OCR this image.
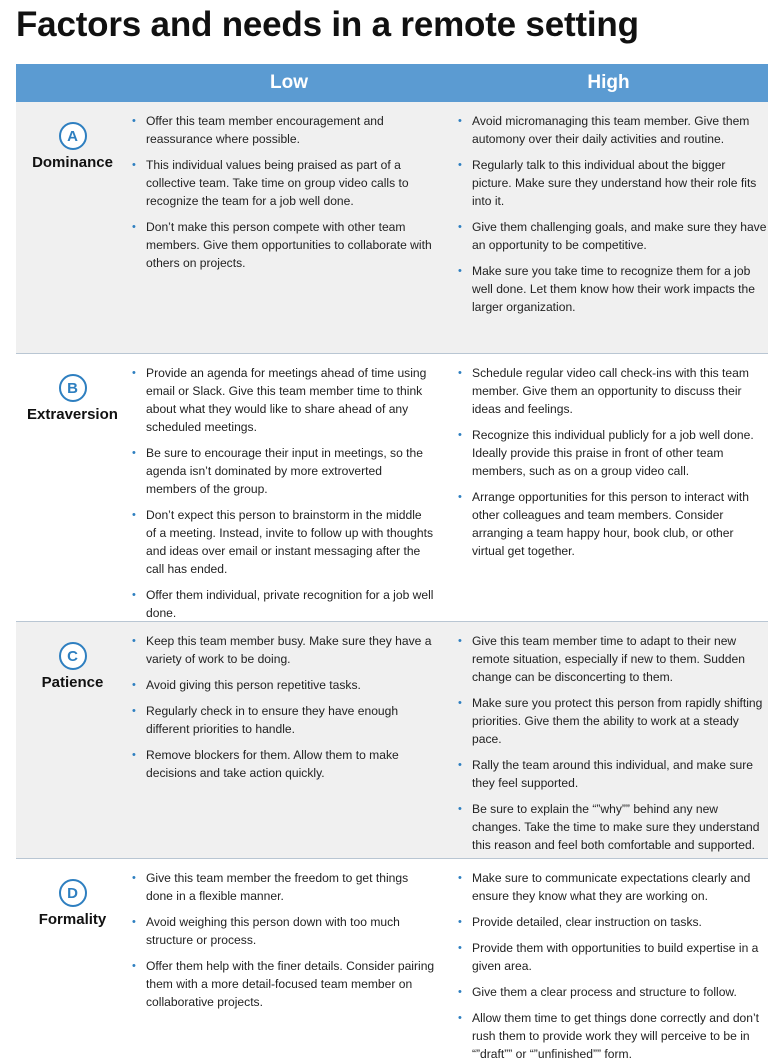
Factors and needs in a remote setting
Low	High
A
Dominance
• Offer this team member encouragement and reassurance where possible.
• This individual values being praised as part of a collective team. Take time on group video calls to recognize the team for a job well done.
• Don’t make this person compete with other team members. Give them opportunities to collaborate with others on projects.
• Avoid micromanaging this team member. Give them automony over their daily activities and routine.
• Regularly talk to this individual about the bigger picture. Make sure they understand how their role fits into it.
• Give them challenging goals, and make sure they have an opportunity to be competitive.
• Make sure you take time to recognize them for a job well done. Let them know how their work impacts the larger organization.
B
Extraversion
• Provide an agenda for meetings ahead of time using email or Slack. Give this team member time to think about what they would like to share ahead of any scheduled meetings.
• Be sure to encourage their input in meetings, so the agenda isn’t dominated by more extroverted members of the group.
• Don’t expect this person to brainstorm in the middle of a meeting. Instead, invite to follow up with thoughts and ideas over email or instant messaging after the call has ended.
• Offer them individual, private recognition for a job well done.
• Schedule regular video call check-ins with this team member. Give them an opportunity to discuss their ideas and feelings.
• Recognize this individual publicly for a job well done. Ideally provide this praise in front of other team members, such as on a group video call.
• Arrange opportunities for this person to interact with other colleagues and team members. Consider arranging a team happy hour, book club, or other virtual get together.
C
Patience
• Keep this team member busy. Make sure they have a variety of work to be doing.
• Avoid giving this person repetitive tasks.
• Regularly check in to ensure they have enough different priorities to handle.
• Remove blockers for them. Allow them to make decisions and take action quickly.
• Give this team member time to adapt to their new remote situation, especially if new to them. Sudden change can be disconcerting to them.
• Make sure you protect this person from rapidly shifting priorities. Give them the ability to work at a steady pace.
• Rally the team around this individual, and make sure they feel supported.
• Be sure to explain the “”why”” behind any new changes. Take the time to make sure they understand this reason and feel both comfortable and supported.
D
Formality
• Give this team member the freedom to get things done in a flexible manner.
• Avoid weighing this person down with too much structure or process.
• Offer them help with the finer details. Consider pairing them with a more detail-focused team member on collaborative projects.
• Make sure to communicate expectations clearly and ensure they know what they are working on.
• Provide detailed, clear instruction on tasks.
• Provide them with opportunities to build expertise in a given area.
• Give them a clear process and structure to follow.
• Allow them time to get things done correctly and don’t rush them to provide work they will perceive to be in “”draft”” or “”unfinished”” form.
